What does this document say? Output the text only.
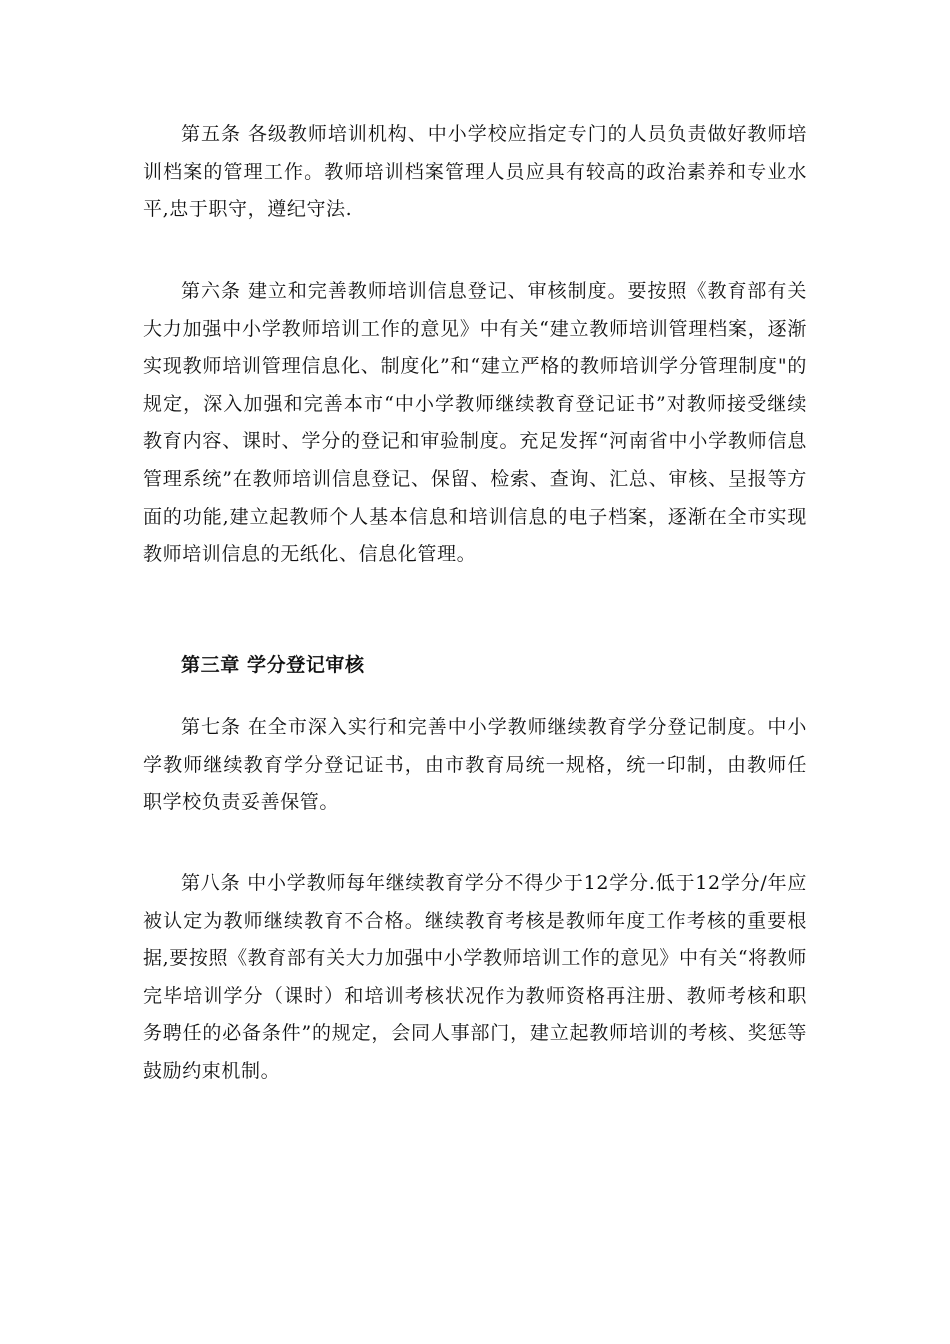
第五条 各级教师培训机构、中小学校应指定专门的人员负责做好教师培训档案的管理工作。教师培训档案管理人员应具有较高的政治素养和专业水平,忠于职守，遵纪守法.

第六条 建立和完善教师培训信息登记、审核制度。要按照《教育部有关大力加强中小学教师培训工作的意见》中有关“建立教师培训管理档案，逐渐实现教师培训管理信息化、制度化”和“建立严格的教师培训学分管理制度"的规定，深入加强和完善本市“中小学教师继续教育登记证书”对教师接受继续教育内容、课时、学分的登记和审验制度。充足发挥“河南省中小学教师信息管理系统”在教师培训信息登记、保留、检索、查询、汇总、审核、呈报等方面的功能,建立起教师个人基本信息和培训信息的电子档案，逐渐在全市实现教师培训信息的无纸化、信息化管理。

第三章 学分登记审核

第七条 在全市深入实行和完善中小学教师继续教育学分登记制度。中小学教师继续教育学分登记证书，由市教育局统一规格，统一印制，由教师任职学校负责妥善保管。

第八条 中小学教师每年继续教育学分不得少于12学分.低于12学分/年应被认定为教师继续教育不合格。继续教育考核是教师年度工作考核的重要根据,要按照《教育部有关大力加强中小学教师培训工作的意见》中有关“将教师完毕培训学分（课时）和培训考核状况作为教师资格再注册、教师考核和职务聘任的必备条件”的规定，会同人事部门，建立起教师培训的考核、奖惩等鼓励约束机制。
